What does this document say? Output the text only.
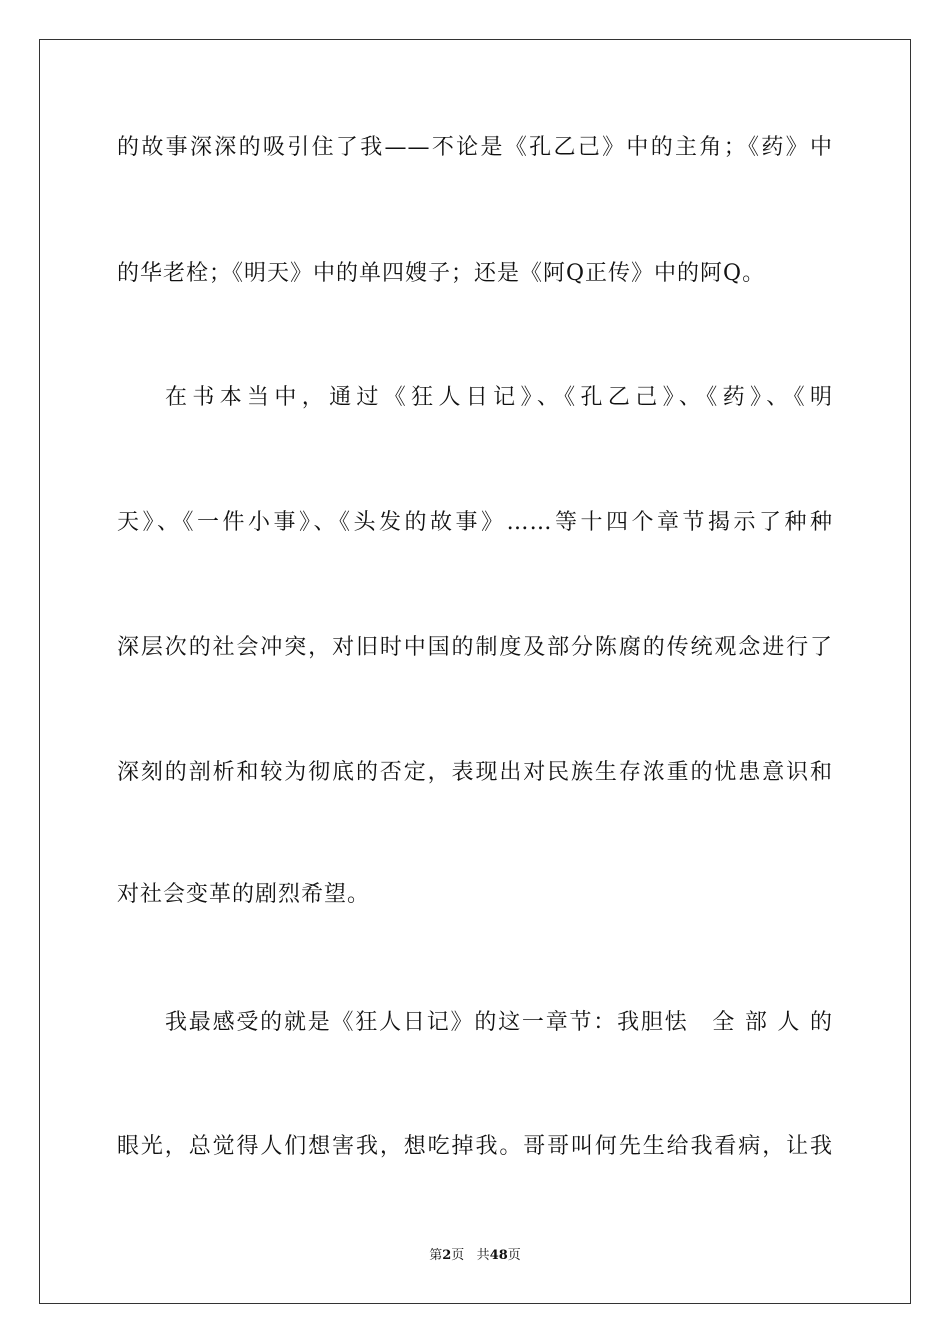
的故事深深的吸引住了我——不论是《孔乙己》中的主角；《药》中
的华老栓；《明天》中的单四嫂子；还是《阿Q正传》中的阿Q。
在书本当中，通过《狂人日记》、《孔乙己》、《药》、《明
天》、《一件小事》、《头发的故事》……等十四个章节揭示了种种
深层次的社会冲突，对旧时中国的制度及部分陈腐的传统观念进行了
深刻的剖析和较为彻底的否定，表现出对民族生存浓重的忧患意识和
对社会变革的剧烈希望。
我最感受的就是《狂人日记》的这一章节：我胆怯　全 部 人 的
眼光，总觉得人们想害我，想吃掉我。哥哥叫何先生给我看病，让我
第2页 共48页
